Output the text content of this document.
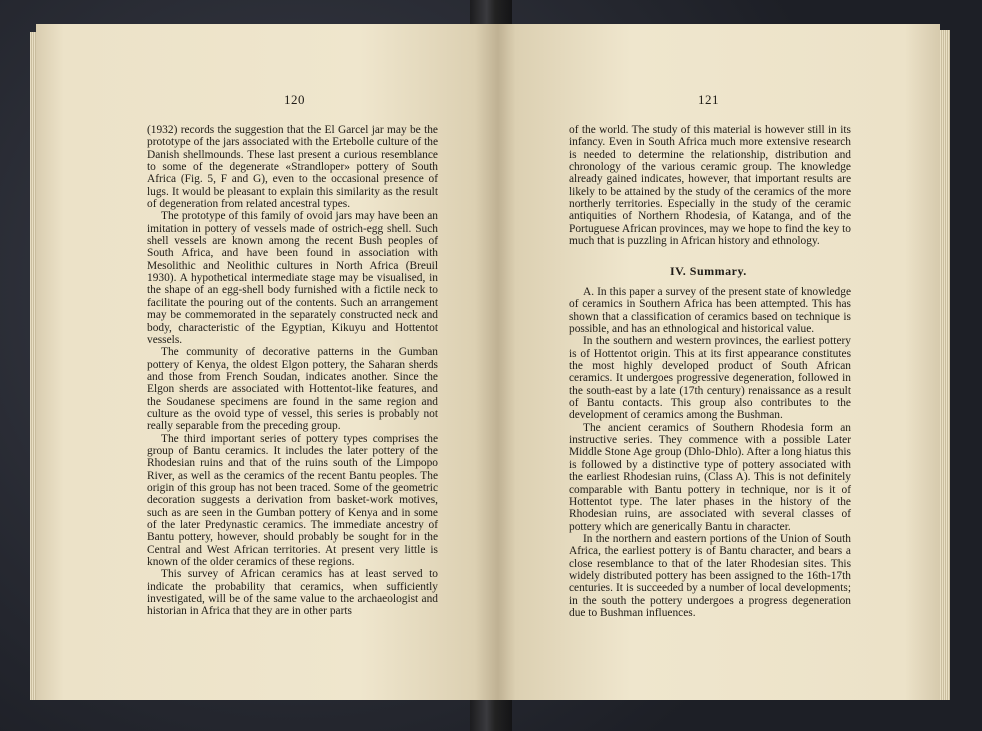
120

(1932) records the suggestion that the El Garcel jar may be the prototype of the jars associated with the Ertebolle culture of the Danish shellmounds. These last present a curious resemblance to some of the degenerate «Strandloper» pottery of South Africa (Fig. 5, F and G), even to the occasional presence of lugs. It would be pleasant to explain this similarity as the result of degeneration from related ancestral types.

The prototype of this family of ovoid jars may have been an imitation in pottery of vessels made of ostrich-egg shell. Such shell vessels are known among the recent Bush peoples of South Africa, and have been found in association with Mesolithic and Neolithic cultures in North Africa (Breuil 1930). A hypothetical intermediate stage may be visualised, in the shape of an egg-shell body furnished with a fictile neck to facilitate the pouring out of the contents. Such an arrangement may be commemorated in the separately constructed neck and body, characteristic of the Egyptian, Kikuyu and Hottentot vessels.

The community of decorative patterns in the Gumban pottery of Kenya, the oldest Elgon pottery, the Saharan sherds and those from French Soudan, indicates another. Since the Elgon sherds are associated with Hottentot-like features, and the Soudanese specimens are found in the same region and culture as the ovoid type of vessel, this series is probably not really separable from the preceding group.

The third important series of pottery types comprises the group of Bantu ceramics. It includes the later pottery of the Rhodesian ruins and that of the ruins south of the Limpopo River, as well as the ceramics of the recent Bantu peoples. The origin of this group has not been traced. Some of the geometric decoration suggests a derivation from basket-work motives, such as are seen in the Gumban pottery of Kenya and in some of the later Predynastic ceramics. The immediate ancestry of Bantu pottery, however, should probably be sought for in the Central and West African territories. At present very little is known of the older ceramics of these regions.

This survey of African ceramics has at least served to indicate the probability that ceramics, when sufficiently investigated, will be of the same value to the archaeologist and historian in Africa that they are in other parts

121

of the world. The study of this material is however still in its infancy. Even in South Africa much more extensive research is needed to determine the relationship, distribution and chronology of the various ceramic group. The knowledge already gained indicates, however, that important results are likely to be attained by the study of the ceramics of the more northerly territories. Especially in the study of the ceramic antiquities of Northern Rhodesia, of Katanga, and of the Portuguese African provinces, may we hope to find the key to much that is puzzling in African history and ethnology.

IV. Summary.

A. In this paper a survey of the present state of knowledge of ceramics in Southern Africa has been attempted. This has shown that a classification of ceramics based on technique is possible, and has an ethnological and historical value.

In the southern and western provinces, the earliest pottery is of Hottentot origin. This at its first appearance constitutes the most highly developed product of South African ceramics. It undergoes progressive degeneration, followed in the south-east by a late (17th century) renaissance as a result of Bantu contacts. This group also contributes to the development of ceramics among the Bushman.

The ancient ceramics of Southern Rhodesia form an instructive series. They commence with a possible Later Middle Stone Age group (Dhlo-Dhlo). After a long hiatus this is followed by a distinctive type of pottery associated with the earliest Rhodesian ruins, (Class A). This is not definitely comparable with Bantu pottery in technique, nor is it of Hottentot type. The later phases in the history of the Rhodesian ruins, are associated with several classes of pottery which are generically Bantu in character.

In the northern and eastern portions of the Union of South Africa, the earliest pottery is of Bantu character, and bears a close resemblance to that of the later Rhodesian sites. This widely distributed pottery has been assigned to the 16th-17th centuries. It is succeeded by a number of local developments; in the south the pottery undergoes a progress degeneration due to Bushman influences.
